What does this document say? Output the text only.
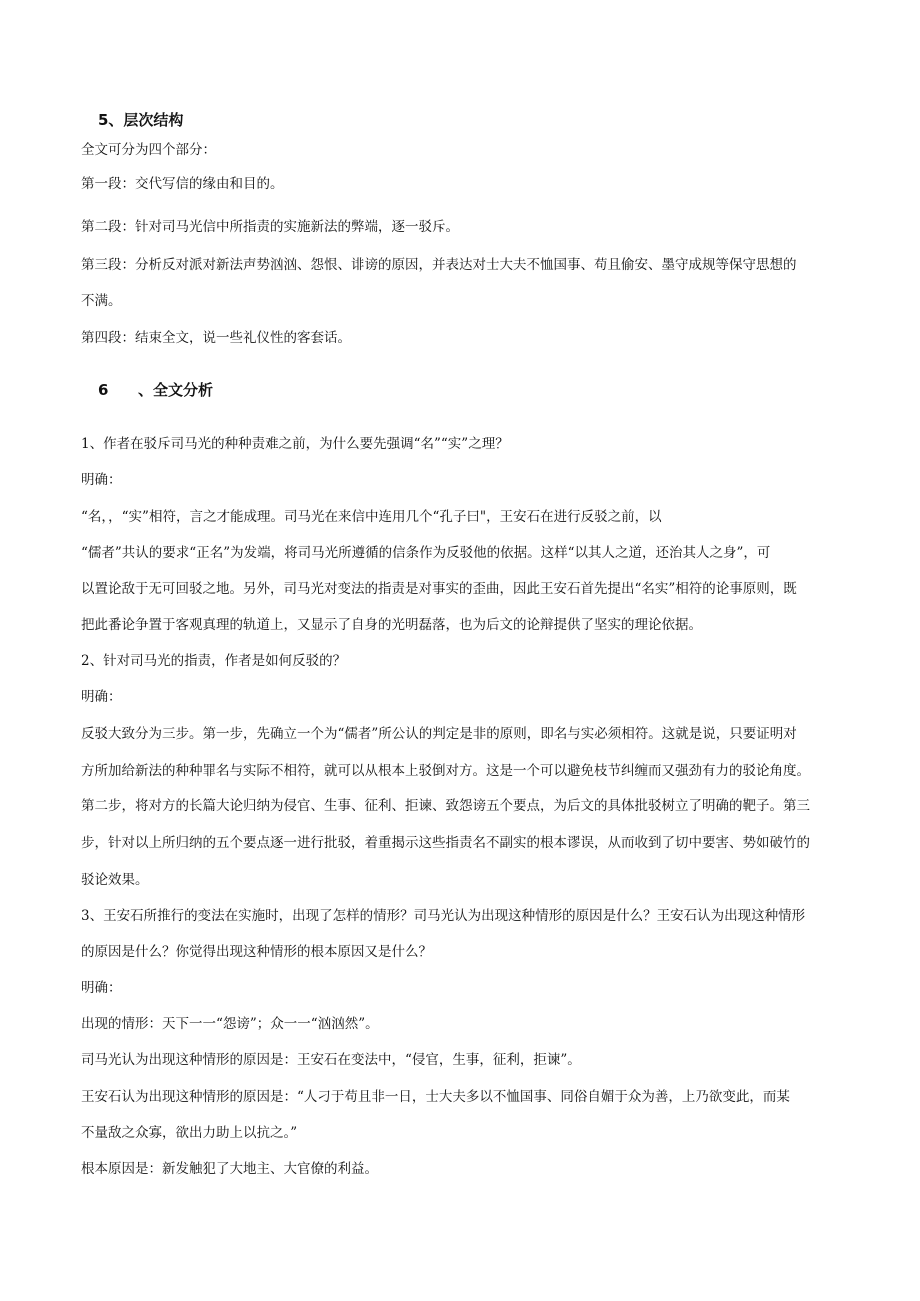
5、层次结构
全文可分为四个部分：
第一段：交代写信的缘由和目的。
第二段：针对司马光信中所指责的实施新法的弊端，逐一驳斥。
第三段：分析反对派对新法声势汹汹、怨恨、诽谤的原因，并表达对士大夫不恤国事、苟且偷安、墨守成规等保守思想的
不满。
第四段：结束全文，说一些礼仪性的客套话。
6 、全文分析
1、作者在驳斥司马光的种种责难之前，为什么要先强调“名”“实”之理？
明确：
“名，，“实”相符，言之才能成理。司马光在来信中连用几个“孔子曰"，王安石在进行反驳之前，以
“儒者”共认的要求“正名”为发端，将司马光所遵循的信条作为反驳他的依据。这样“以其人之道，还治其人之身”，可
以置论敌于无可回驳之地。另外，司马光对变法的指责是对事实的歪曲，因此王安石首先提出“名实”相符的论事原则，既
把此番论争置于客观真理的轨道上，又显示了自身的光明磊落，也为后文的论辩提供了坚实的理论依据。
2、针对司马光的指责，作者是如何反驳的？
明确：
反驳大致分为三步。第一步，先确立一个为“儒者”所公认的判定是非的原则，即名与实必须相符。这就是说，只要证明对
方所加给新法的种种罪名与实际不相符，就可以从根本上驳倒对方。这是一个可以避免枝节纠缠而又强劲有力的驳论角度。
第二步，将对方的长篇大论归纳为侵官、生事、征利、拒谏、致怨谤五个要点，为后文的具体批驳树立了明确的靶子。第三
步，针对以上所归纳的五个要点逐一进行批驳，着重揭示这些指责名不副实的根本谬误，从而收到了切中要害、势如破竹的
驳论效果。
3、王安石所推行的变法在实施时，出现了怎样的情形？司马光认为出现这种情形的原因是什么？王安石认为出现这种情形
的原因是什么？你觉得出现这种情形的根本原因又是什么？
明确：
出现的情形：天下一一“怨谤”；众一一“汹汹然”。
司马光认为出现这种情形的原因是：王安石在变法中，“侵官，生事，征利，拒谏”。
王安石认为出现这种情形的原因是：“人刁于苟且非一日，士大夫多以不恤国事、同俗自媚于众为善，上乃欲变此，而某
不量敌之众寡，欲出力助上以抗之。”
根本原因是：新发触犯了大地主、大官僚的利益。
